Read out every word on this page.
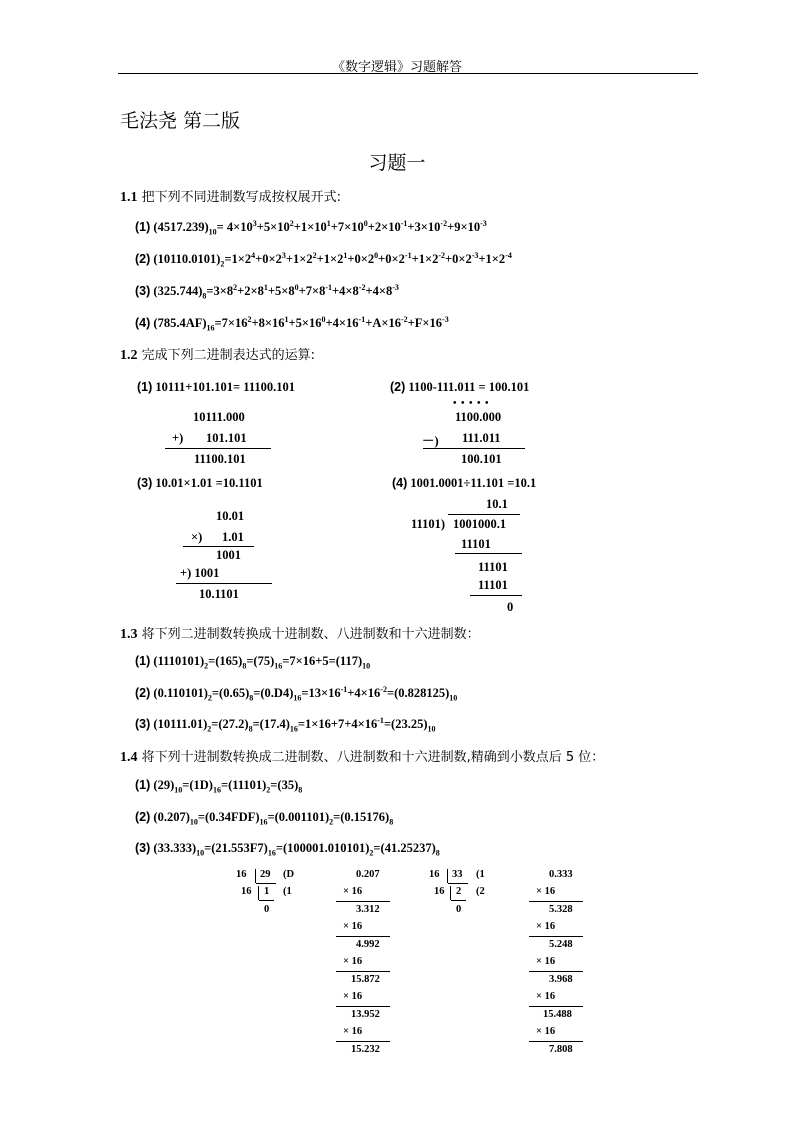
《数字逻辑》习题解答
毛法尧 第二版
习题一
1.1 把下列不同进制数写成按权展开式:
(1) $(4517.239)_{10}= 4\times 10^3+5\times 10^2+1\times 10^1+7\times 10^0+2\times 10^{-1}+3\times 10^{-2}+9\times 10^{-3}$
(2) $(10110.0101)_2=1\times 2^4+0\times 2^3+1\times 2^2+1\times 2^1+0\times 2^0+0\times 2^{-1}+1\times 2^{-2}+0\times 2^{-3}+1\times 2^{-4}$
(3) $(325.744)_8=3\times 8^2+2\times 8^1+5\times 8^0+7\times 8^{-1}+4\times 8^{-2}+4\times 8^{-3}$
(4) $(785.4AF)_{16}=7\times 16^2+8\times 16^1+5\times 16^0+4\times 16^{-1}+A\times 16^{-2}+F\times 16^{-3}$
1.2 完成下列二进制表达式的运算:
(1) 10111+101.101= 11100.101
10111.000
+) 101.101
11100.101
(2) 1100-111.011 = 100.101
• • • • •
1100.000
－) 111.011
100.101
(3) 10.01×1.01 =10.1101
10.01
×) 1.01
1001
+) 1001
10.1101
(4) 1001.0001÷11.101 =10.1
10.1
11101) 1001000.1
11101
11101
11101
0
1.3 将下列二进制数转换成十进制数、八进制数和十六进制数：
(1) $(1110101)_2=(165)_8=(75)_{16}=7\times 16+5=(117)_{10}$
(2) $(0.110101)_2=(0.65)_8=(0.D4)_{16}=13\times 16^{-1}+4\times 16^{-2}=(0.828125)_{10}$
(3) $(10111.01)_2=(27.2)_8=(17.4)_{16}=1\times 16+7+4\times 16^{-1}=(23.25)_{10}$
1.4 将下列十进制数转换成二进制数、八进制数和十六进制数,精确到小数点后 5 位：
(1) $(29)_{10}=(1D)_{16}=(11101)_2=(35)_8$
(2) $(0.207)_{10}=(0.34FDF)_{16}=(0.001101)_2=(0.15176)_8$
(3) $(33.333)_{10}=(21.553F7)_{16}=(100001.010101)_2=(41.25237)_8$
16 29 (D
16 1 (1
0
16 33 (1
16 2 (2
0
0.207
× 16
3.312
× 16
4.992
× 16
15.872
× 16
13.952
× 16
15.232
0.333
× 16
5.328
× 16
5.248
× 16
3.968
× 16
15.488
× 16
7.808
